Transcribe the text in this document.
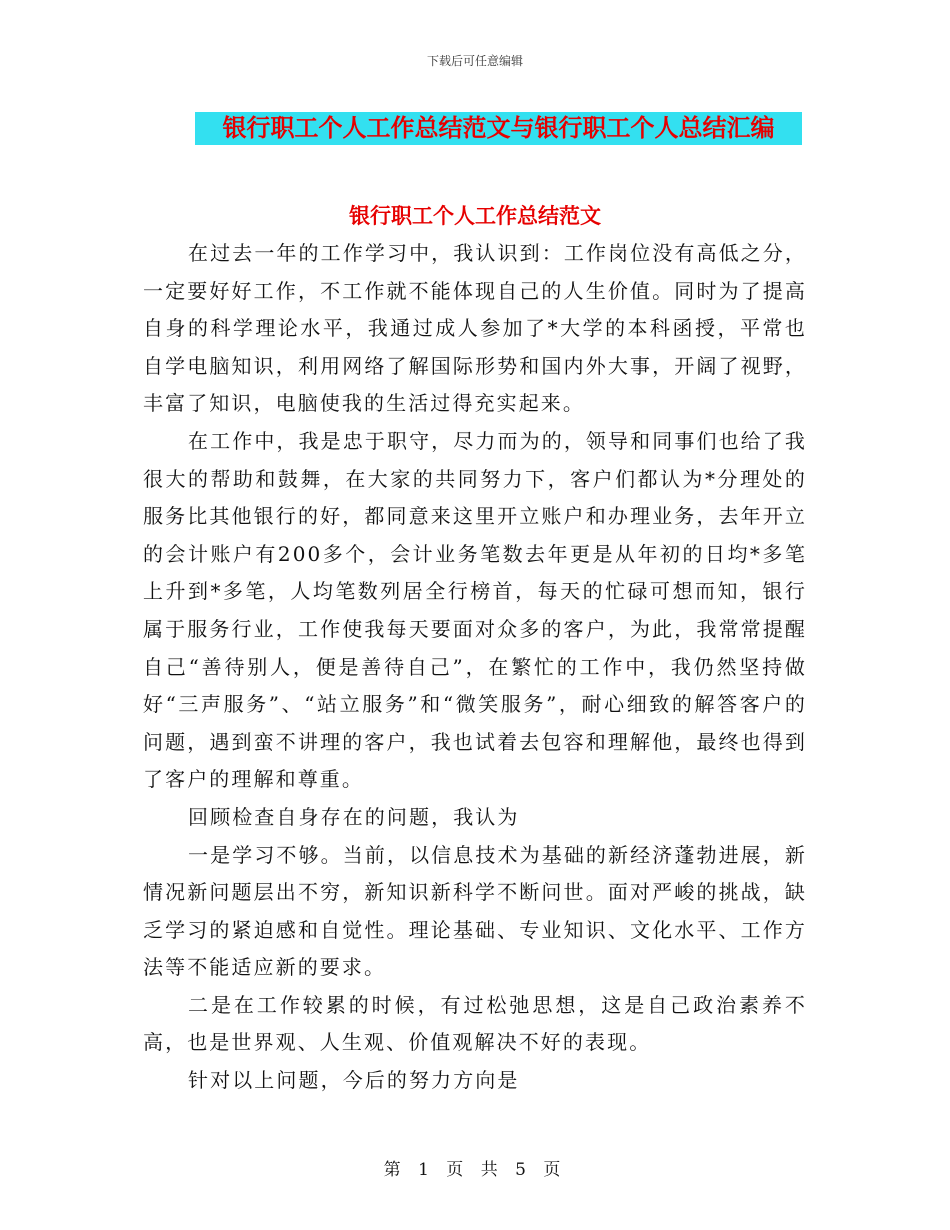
下载后可任意编辑
银行职工个人工作总结范文与银行职工个人总结汇编
银行职工个人工作总结范文

在过去一年的工作学习中，我认识到：工作岗位没有高低之分，一定要好好工作，不工作就不能体现自己的人生价值。同时为了提高自身的科学理论水平，我通过成人参加了*大学的本科函授，平常也自学电脑知识，利用网络了解国际形势和国内外大事，开阔了视野，丰富了知识，电脑使我的生活过得充实起来。

在工作中，我是忠于职守，尽力而为的，领导和同事们也给了我很大的帮助和鼓舞，在大家的共同努力下，客户们都认为*分理处的服务比其他银行的好，都同意来这里开立账户和办理业务，去年开立的会计账户有200多个，会计业务笔数去年更是从年初的日均*多笔上升到*多笔，人均笔数列居全行榜首，每天的忙碌可想而知，银行属于服务行业，工作使我每天要面对众多的客户，为此，我常常提醒自己“善待别人，便是善待自己”，在繁忙的工作中，我仍然坚持做好“三声服务”、“站立服务”和“微笑服务”，耐心细致的解答客户的问题，遇到蛮不讲理的客户，我也试着去包容和理解他，最终也得到了客户的理解和尊重。

回顾检查自身存在的问题，我认为

一是学习不够。当前，以信息技术为基础的新经济蓬勃进展，新情况新问题层出不穷，新知识新科学不断问世。面对严峻的挑战，缺乏学习的紧迫感和自觉性。理论基础、专业知识、文化水平、工作方法等不能适应新的要求。

二是在工作较累的时候，有过松弛思想，这是自己政治素养不高，也是世界观、人生观、价值观解决不好的表现。

针对以上问题，今后的努力方向是

第 1 页 共 5 页
